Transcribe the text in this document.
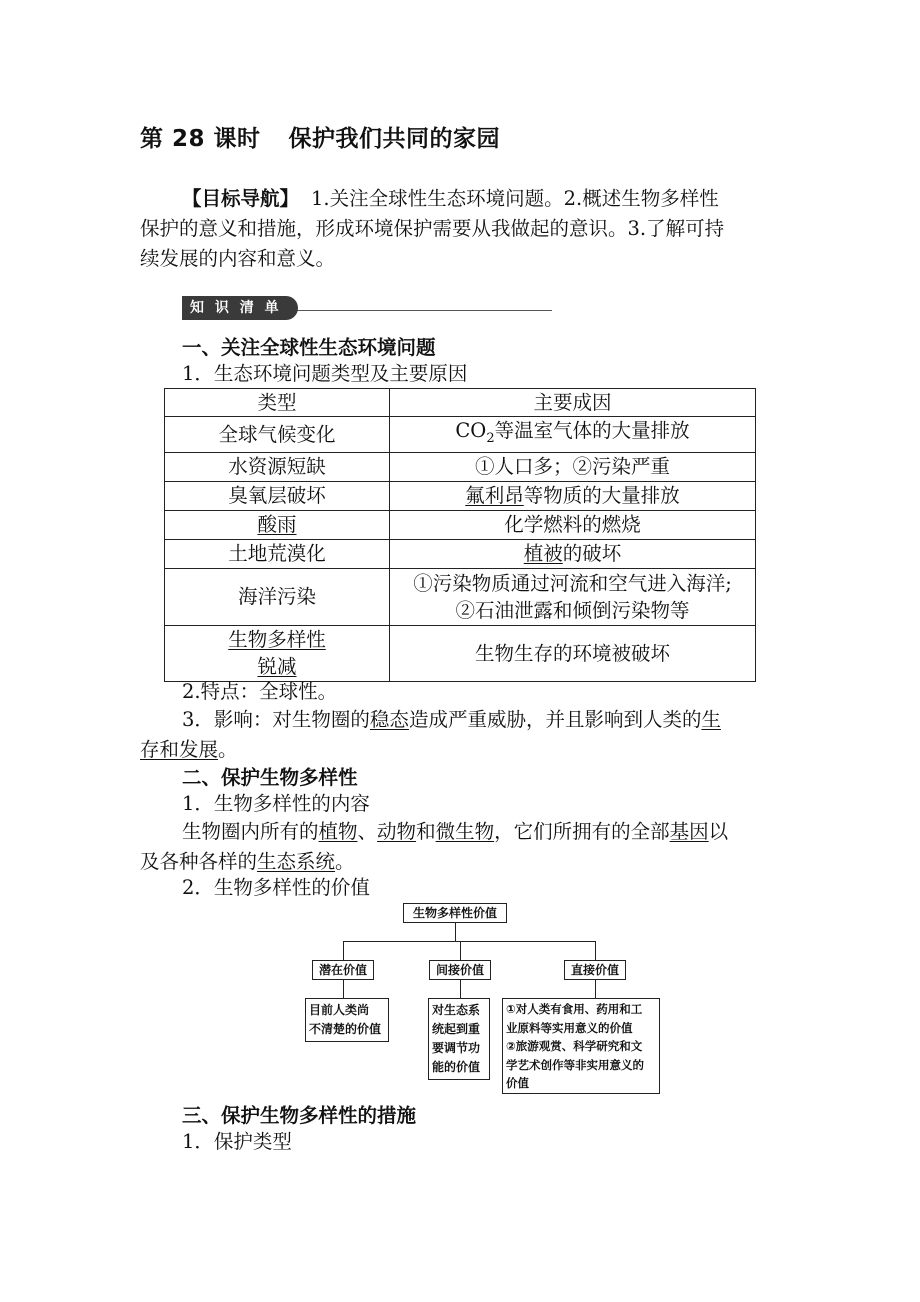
第 28 课时 保护我们共同的家园
【目标导航】 1.关注全球性生态环境问题。2.概述生物多样性
保护的意义和措施，形成环境保护需要从我做起的意识。3.了解可持
续发展的内容和意义。
知 识 清 单 ●
一、关注全球性生态环境问题
1．生态环境问题类型及主要原因
类型	主要成因
全球气候变化	$CO_2$等温室气体的大量排放
水资源短缺	①人口多；②污染严重
臭氧层破坏	氟利昂等物质的大量排放
酸雨	化学燃料的燃烧
土地荒漠化	植被的破坏
海洋污染	①污染物质通过河流和空气进入海洋;
②石油泄露和倾倒污染物等

生物多样性
锐减	生物生存的环境被破坏
2.特点：全球性。
3．影响：对生物圈的稳态造成严重威胁，并且影响到人类的生
存和发展。
二、保护生物多样性
1．生物多样性的内容
生物圈内所有的植物、动物和微生物，它们所拥有的全部基因以
及各种各样的生态系统。
2．生物多样性的价值
生物多样性价值
潜在价值	间接价值	直接价值
目前人类尚
不清楚的价值
对生态系
统起到重
要调节功
能的价值
①对人类有食用、药用和工
业原料等实用意义的价值
②旅游观赏、科学研究和文
学艺术创作等非实用意义的
价值
三、保护生物多样性的措施
1．保护类型
